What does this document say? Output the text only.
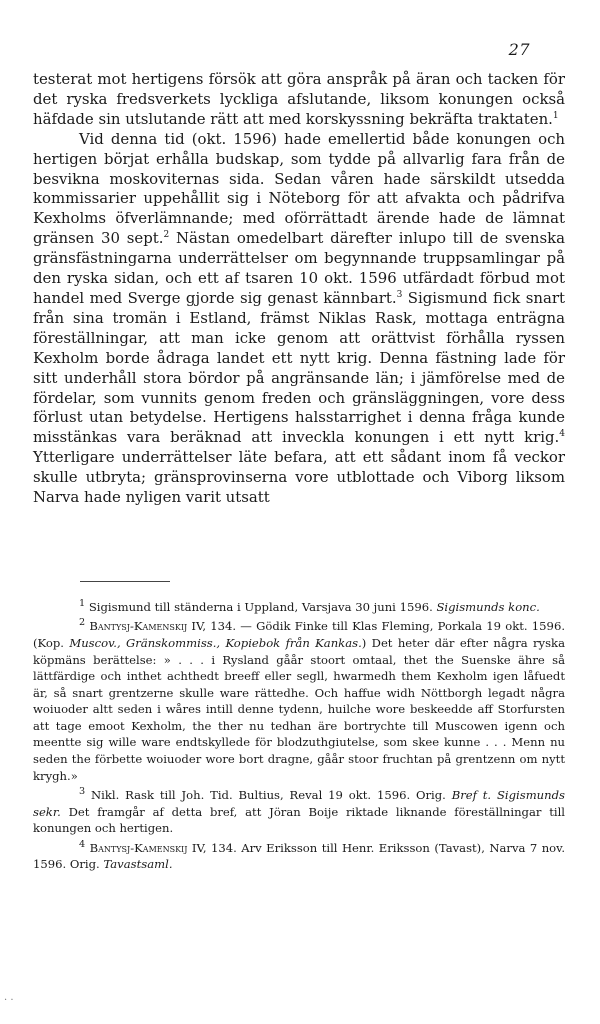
27

testerat mot hertigens försök att göra anspråk på äran och tacken för det ryska fredsverkets lyckliga afslutande, liksom konungen också häfdade sin utslutande rätt att med korskyssning bekräfta traktaten.$^1$

Vid denna tid (okt. 1596) hade emellertid både konungen och hertigen börjat erhålla budskap, som tydde på allvarlig fara från de besvikna moskoviternas sida. Sedan våren hade särskildt utsedda kommissarier uppehållit sig i Nöteborg för att afvakta och pådrifva Kexholms öfverlämnande; med oförrättadt ärende hade de lämnat gränsen 30 sept.$^2$ Nästan omedelbart därefter inlupo till de svenska gränsfästningarna underrättelser om begynnande truppsamlingar på den ryska sidan, och ett af tsaren 10 okt. 1596 utfärdadt förbud mot handel med Sverge gjorde sig genast kännbart.$^3$ Sigismund fick snart från sina tromän i Estland, främst Niklas Rask, mottaga enträgna föreställningar, att man icke genom att orättvist förhålla ryssen Kexholm borde ådraga landet ett nytt krig. Denna fästning lade för sitt underhåll stora bördor på angränsande län; i jämförelse med de fördelar, som vunnits genom freden och gränsläggningen, vore dess förlust utan betydelse. Hertigens halsstarrighet i denna fråga kunde misstänkas vara beräknad att inveckla konungen i ett nytt krig.$^4$ Ytterligare underrättelser läte befara, att ett sådant inom få veckor skulle utbryta; gränsprovinserna vore utblottade och Viborg liksom Narva hade nyligen varit utsatt

$^1$ Sigismund till ständerna i Uppland, Varsjava 30 juni 1596. Sigismunds konc.

$^2$ Bantysj-Kamenskij IV, 134. — Gödik Finke till Klas Fleming, Porkala 19 okt. 1596. (Kop. Muscov., Gränskommiss., Kopiebok från Kankas.) Det heter där efter några ryska köpmäns berättelse: » . . . i Rysland gåår stoort omtaal, thet the Suenske ähre så lättfärdige och inthet achthedt breeff eller segll, hwarmedh them Kexholm igen låfuedt är, så snart grentzerne skulle ware rättedhe. Och haffue widh Nöttborgh legadt några woiuoder altt seden i wåres intill denne tydenn, huilche wore beskeedde aff Storfursten att tage emoot Kexholm, the ther nu tedhan äre bortrychte till Muscowen igenn och meentte sig wille ware endtskyllede för blodzuthgiutelse, som skee kunne . . . Menn nu seden the förbette woiuoder wore bort dragne, gåår stoor fruchtan på grentzenn om nytt krygh.»

$^3$ Nikl. Rask till Joh. Tid. Bultius, Reval 19 okt. 1596. Orig. Bref t. Sigismunds sekr. Det framgår af detta bref, att Jöran Boije riktade liknande föreställningar till konungen och hertigen.

$^4$ Bantysj-Kamenskij IV, 134. Arv Eriksson till Henr. Eriksson (Tavast), Narva 7 nov. 1596. Orig. Tavastsaml.

. .
